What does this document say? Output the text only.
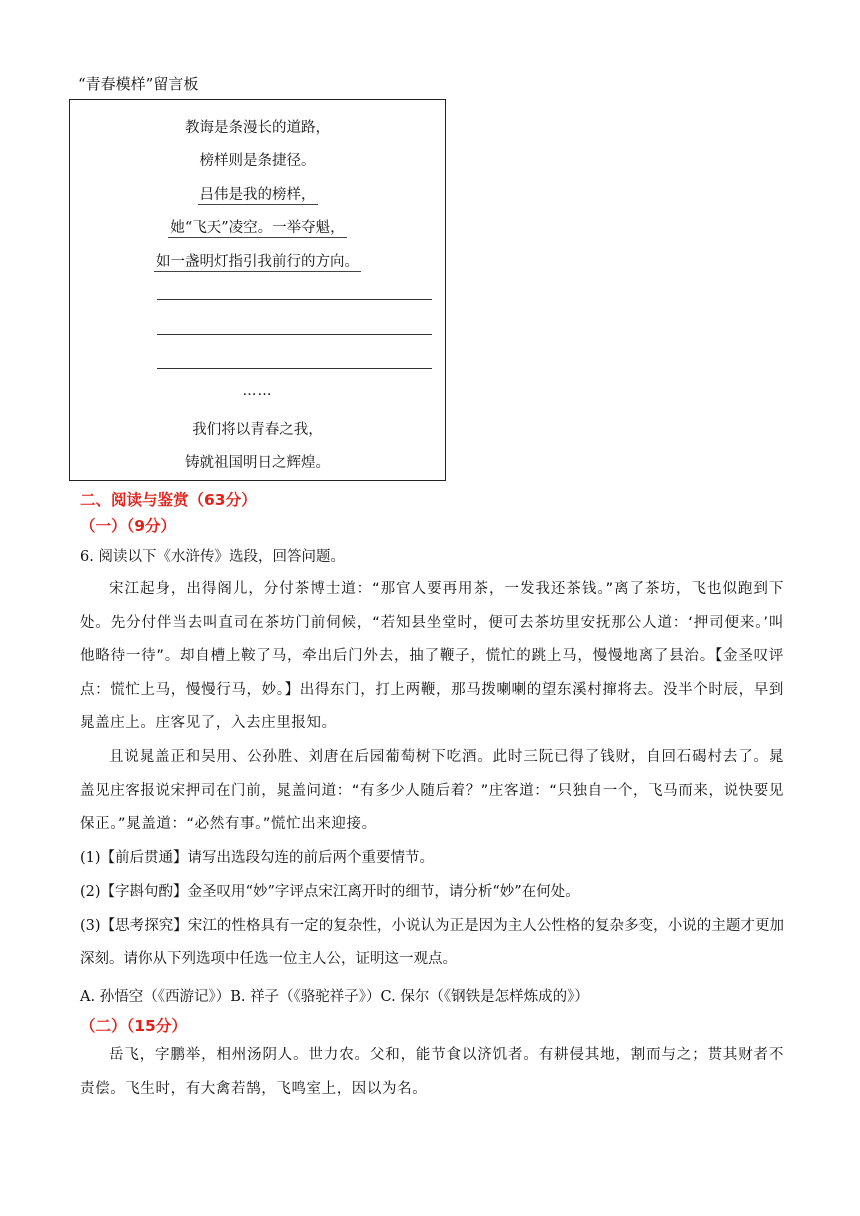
“青春模样”留言板
教诲是条漫长的道路，
榜样则是条捷径。
吕伟是我的榜样，
她“飞天”凌空。一举夺魁，
如一盏明灯指引我前行的方向。
……
我们将以青春之我，
铸就祖国明日之辉煌。
二、阅读与鉴赏（63分）
（一）（9分）
6. 阅读以下《水浒传》选段，回答问题。
宋江起身，出得阁儿，分付茶博士道：“那官人要再用茶，一发我还茶钱。”离了茶坊，飞也似跑到下处。先分付伴当去叫直司在茶坊门前伺候，“若知县坐堂时，便可去茶坊里安抚那公人道：‘押司便来。’叫他略待一待”。却自槽上鞍了马，牵出后门外去，抽了鞭子，慌忙的跳上马，慢慢地离了县治。【金圣叹评点：慌忙上马，慢慢行马，妙。】出得东门，打上两鞭，那马拨喇喇的望东溪村撺将去。没半个时辰，早到晁盖庄上。庄客见了，入去庄里报知。
且说晁盖正和吴用、公孙胜、刘唐在后园葡萄树下吃酒。此时三阮已得了钱财，自回石碣村去了。晁盖见庄客报说宋押司在门前，晁盖问道：“有多少人随后着？”庄客道：“只独自一个，飞马而来，说快要见保正。”晁盖道：“必然有事。”慌忙出来迎接。
(1)【前后贯通】请写出选段勾连的前后两个重要情节。
(2)【字斟句酌】金圣叹用“妙”字评点宋江离开时的细节，请分析“妙”在何处。
(3)【思考探究】宋江的性格具有一定的复杂性，小说认为正是因为主人公性格的复杂多变，小说的主题才更加深刻。请你从下列选项中任选一位主人公，证明这一观点。
A. 孙悟空（《西游记》）B. 祥子（《骆驼祥子》）C. 保尔（《钢铁是怎样炼成的》）
（二）（15分）
岳飞，字鹏举，相州汤阴人。世力农。父和，能节食以济饥者。有耕侵其地，割而与之；贳其财者不责偿。飞生时，有大禽若鹄，飞鸣室上，因以为名。
